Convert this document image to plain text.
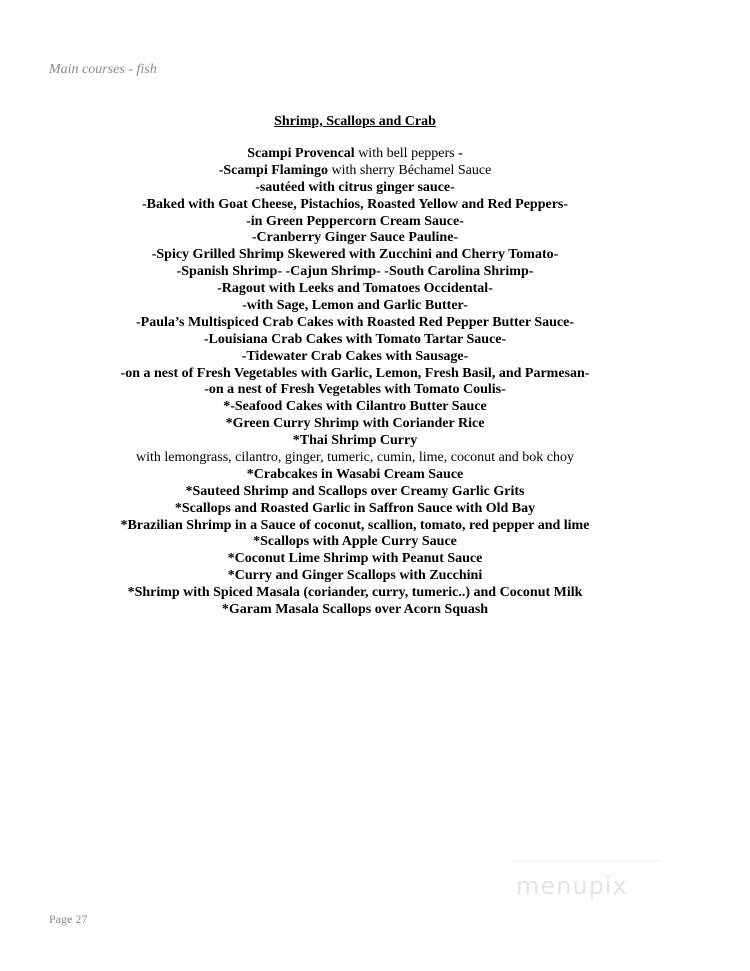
Main courses - fish
Shrimp, Scallops and Crab
Scampi Provencal with bell peppers -
-Scampi Flamingo with sherry Béchamel Sauce
-sautéed with citrus ginger sauce-
-Baked with Goat Cheese, Pistachios, Roasted Yellow and Red Peppers-
-in Green Peppercorn Cream Sauce-
-Cranberry Ginger Sauce Pauline-
-Spicy Grilled Shrimp Skewered with Zucchini and Cherry Tomato-
-Spanish Shrimp- -Cajun Shrimp- -South Carolina Shrimp-
-Ragout with Leeks and Tomatoes Occidental-
-with Sage, Lemon and Garlic Butter-
-Paula’s Multispiced Crab Cakes with Roasted Red Pepper Butter Sauce-
-Louisiana Crab Cakes with Tomato Tartar Sauce-
-Tidewater Crab Cakes with Sausage-
-on a nest of Fresh Vegetables with Garlic, Lemon, Fresh Basil, and Parmesan-
-on a nest of Fresh Vegetables with Tomato Coulis-
*-Seafood Cakes with Cilantro Butter Sauce
*Green Curry Shrimp with Coriander Rice
*Thai Shrimp Curry
with lemongrass, cilantro, ginger, tumeric, cumin, lime, coconut and bok choy
*Crabcakes in Wasabi Cream Sauce
*Sauteed Shrimp and Scallops over Creamy Garlic Grits
*Scallops and Roasted Garlic in Saffron Sauce with Old Bay
*Brazilian Shrimp in a Sauce of coconut, scallion, tomato, red pepper and lime
*Scallops with Apple Curry Sauce
*Coconut Lime Shrimp with Peanut Sauce
*Curry and Ginger Scallops with Zucchini
*Shrimp with Spiced Masala (coriander, curry, tumeric..) and Coconut Milk
*Garam Masala Scallops over Acorn Squash
menupix
Page 27
